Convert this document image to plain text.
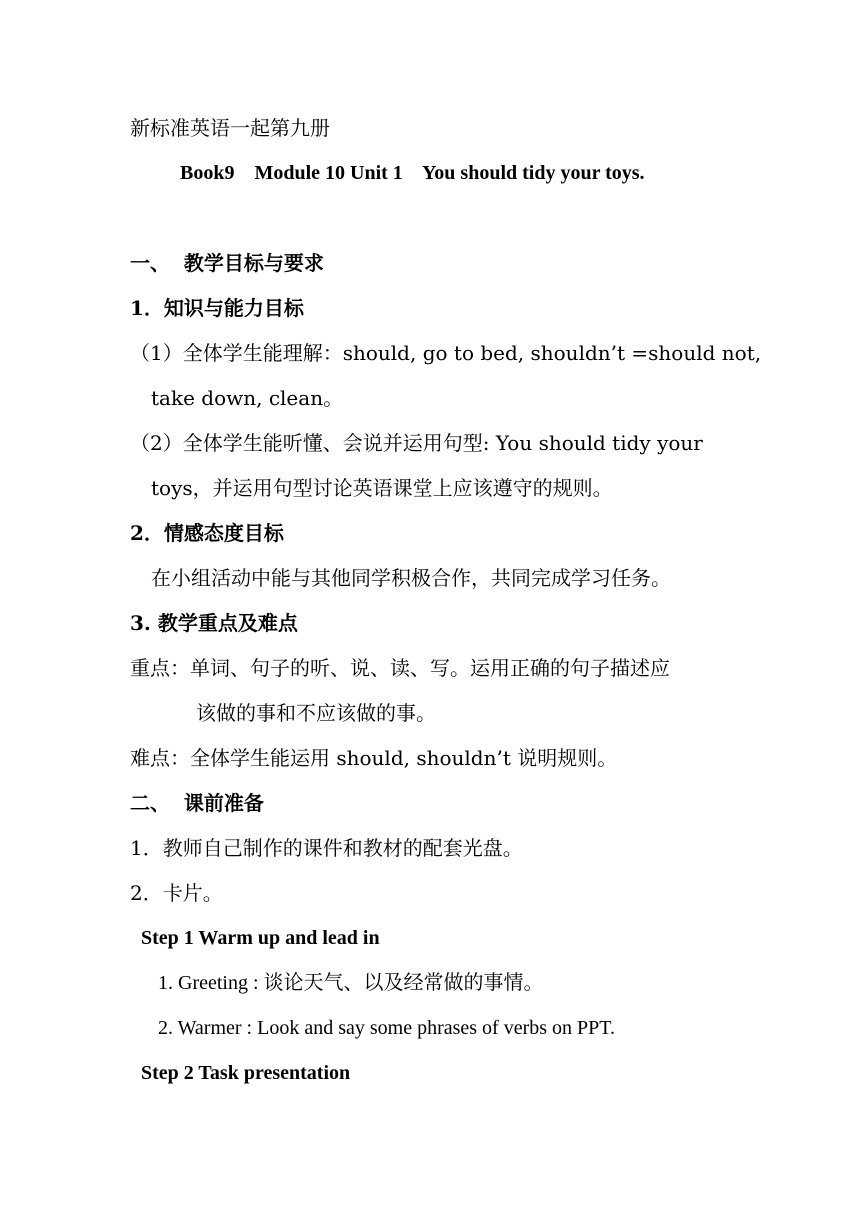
新标准英语一起第九册
Book9    Module 10 Unit 1    You should tidy your toys.
一、  教学目标与要求
1．知识与能力目标
（1）全体学生能理解：should, go to bed, shouldn’t =should not,
take down, clean。
（2）全体学生能听懂、会说并运用句型: You should tidy your
toys，并运用句型讨论英语课堂上应该遵守的规则。
2．情感态度目标
在小组活动中能与其他同学积极合作，共同完成学习任务。
3. 教学重点及难点
重点：单词、句子的听、说、读、写。运用正确的句子描述应
该做的事和不应该做的事。
难点：全体学生能运用 should, shouldn’t 说明规则。
二、  课前准备
1．教师自己制作的课件和教材的配套光盘。
2．卡片。
Step 1 Warm up and lead in
1. Greeting : 谈论天气、以及经常做的事情。
2. Warmer : Look and say some phrases of verbs on PPT.
Step 2 Task presentation
